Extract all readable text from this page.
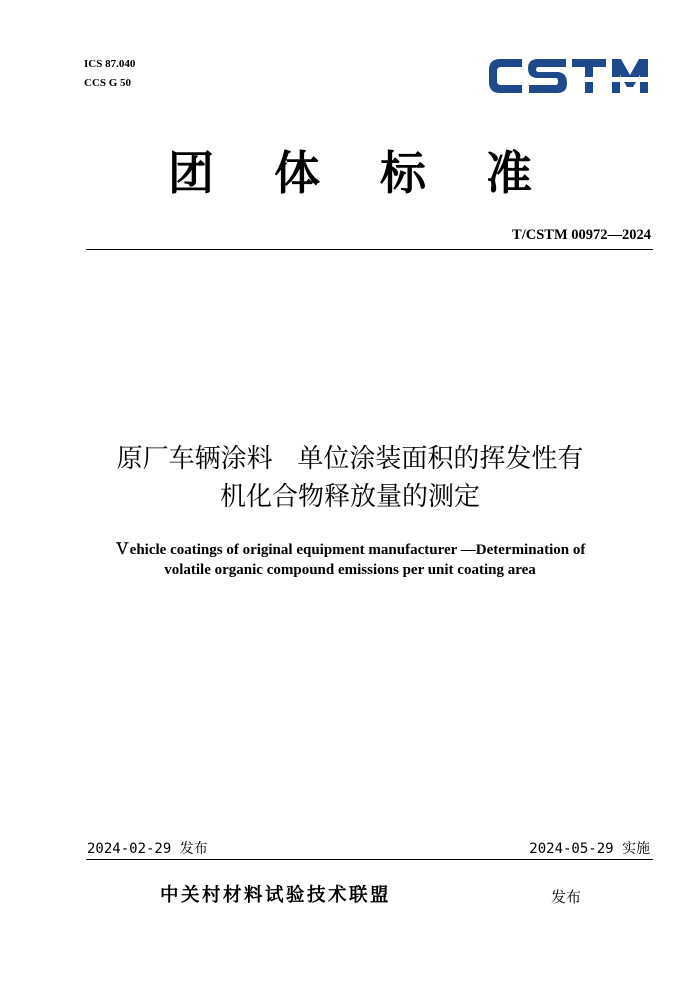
ICS 87.040
CCS G 50
团 体 标 准
T/CSTM 00972—2024
原厂车辆涂料   单位涂装面积的挥发性有
机化合物释放量的测定
Ｖehicle coatings of original equipment manufacturer —Determination of
volatile organic compound emissions per unit coating area
2024-02-29 发布	2024-05-29 实施
中关村材料试验技术联盟	发布
